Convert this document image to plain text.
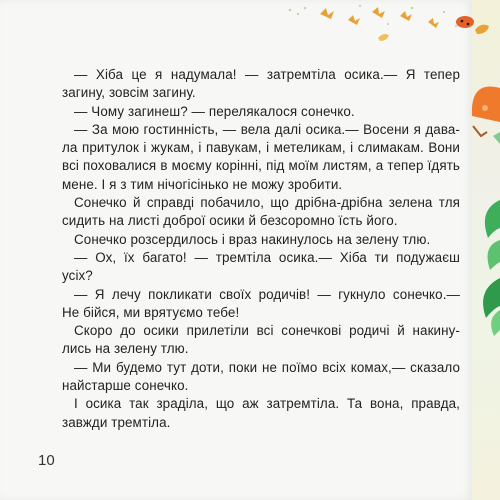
— Хіба це я надумала! — затремтіла осика.— Я тепер
загину, зовсім загину.
— Чому загинеш? — перелякалося сонечко.
— За мою гостинність, — вела далі осика.— Восени я дава-
ла притулок і жукам, і павукам, і метеликам, і слимакам. Вони
всі поховалися в моєму корінні, під моїм листям, а тепер їдять
мене. І я з тим нічогісінько не можу зробити.
Сонечко й справді побачило, що дрібна-дрібна зелена тля
сидить на листі доброї осики й безсоромно їсть його.
Сонечко розсердилось і враз накинулось на зелену тлю.
— Ох, їх багато! — тремтіла осика.— Хіба ти подужаєш
усіх?
— Я лечу покликати своїх родичів! — гукнуло сонечко.—
Не бійся, ми врятуємо тебе!
Скоро до осики прилетіли всі сонечкові родичі й накину-
лись на зелену тлю.
— Ми будемо тут доти, поки не поїмо всіх комах,— сказало
найстарше сонечко.
І осика так зраділа, що аж затремтіла. Та вона, правда,
завжди тремтіла.
10
